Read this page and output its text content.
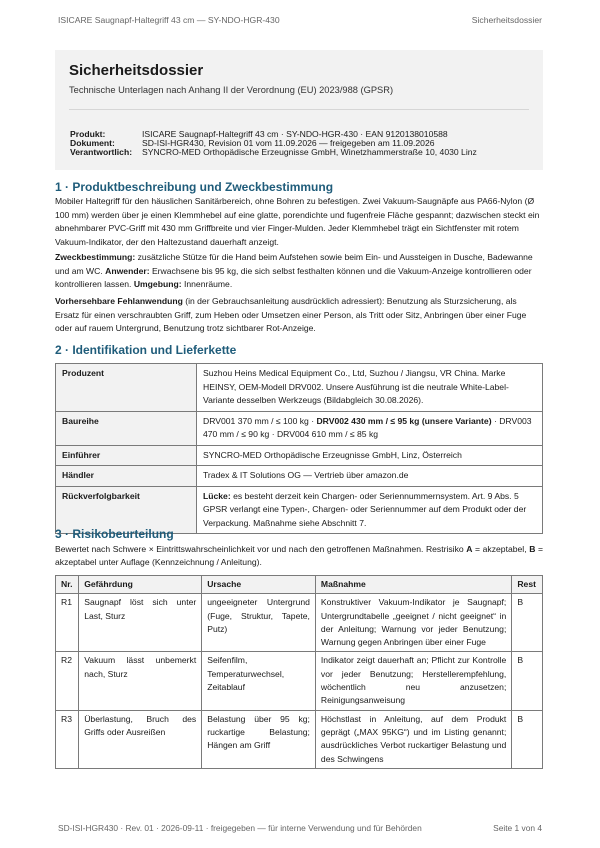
ISICARE Saugnapf-Haltegriff 43 cm — SY-NDO-HGR-430	Sicherheitsdossier
Sicherheitsdossier
Technische Unterlagen nach Anhang II der Verordnung (EU) 2023/988 (GPSR)
Produkt:	ISICARE Saugnapf-Haltegriff 43 cm · SY-NDO-HGR-430 · EAN 9120138010588
Dokument:	SD-ISI-HGR430, Revision 01 vom 11.09.2026 — freigegeben am 11.09.2026
Verantwortlich:	SYNCRO-MED Orthopädische Erzeugnisse GmbH, Winetzhammerstraße 10, 4030 Linz
1 · Produktbeschreibung und Zweckbestimmung
Mobiler Haltegriff für den häuslichen Sanitärbereich, ohne Bohren zu befestigen. Zwei Vakuum-Saugnäpfe aus PA66-Nylon (Ø 100 mm) werden über je einen Klemmhebel auf eine glatte, porendichte und fugenfreie Fläche gespannt; dazwischen steckt ein abnehmbarer PVC-Griff mit 430 mm Griffbreite und vier Finger-Mulden. Jeder Klemmhebel trägt ein Sichtfenster mit rotem Vakuum-Indikator, der den Haltezustand dauerhaft anzeigt.
Zweckbestimmung: zusätzliche Stütze für die Hand beim Aufstehen sowie beim Ein- und Aussteigen in Dusche, Badewanne und am WC. Anwender: Erwachsene bis 95 kg, die sich selbst festhalten können und die Vakuum-Anzeige kontrollieren oder kontrollieren lassen. Umgebung: Innenräume.
Vorhersehbare Fehlanwendung (in der Gebrauchsanleitung ausdrücklich adressiert): Benutzung als Sturzsicherung, als Ersatz für einen verschraubten Griff, zum Heben oder Umsetzen einer Person, als Tritt oder Sitz, Anbringen über einer Fuge oder auf rauem Untergrund, Benutzung trotz sichtbarer Rot-Anzeige.
2 · Identifikation und Lieferkette
Produzent	Suzhou Heins Medical Equipment Co., Ltd, Suzhou / Jiangsu, VR China. Marke HEINSY, OEM-Modell DRV002. Unsere Ausführung ist die neutrale White-Label-Variante desselben Werkzeugs (Bildabgleich 30.08.2026).
Baureihe	DRV001 370 mm / ≤ 100 kg · DRV002 430 mm / ≤ 95 kg (unsere Variante) · DRV003 470 mm / ≤ 90 kg · DRV004 610 mm / ≤ 85 kg
Einführer	SYNCRO-MED Orthopädische Erzeugnisse GmbH, Linz, Österreich
Händler	Tradex & IT Solutions OG — Vertrieb über amazon.de
Rückverfolgbarkeit	Lücke: es besteht derzeit kein Chargen- oder Seriennummernsystem. Art. 9 Abs. 5 GPSR verlangt eine Typen-, Chargen- oder Seriennummer auf dem Produkt oder der Verpackung. Maßnahme siehe Abschnitt 7.
3 · Risikobeurteilung
Bewertet nach Schwere × Eintrittswahrscheinlichkeit vor und nach den getroffenen Maßnahmen. Restrisiko A = akzeptabel, B = akzeptabel unter Auflage (Kennzeichnung / Anleitung).
Nr.	Gefährdung	Ursache	Maßnahme	Rest
R1	Saugnapf löst sich unter Last, Sturz	ungeeigneter Untergrund (Fuge, Struktur, Tapete, Putz)	Konstruktiver Vakuum-Indikator je Saugnapf; Untergrundtabelle „geeignet / nicht geeignet“ in der Anleitung; Warnung vor jeder Benutzung; Warnung gegen Anbringen über einer Fuge	B
R2	Vakuum lässt unbemerkt nach, Sturz	Seifenfilm, Temperaturwechsel, Zeitablauf	Indikator zeigt dauerhaft an; Pflicht zur Kontrolle vor jeder Benutzung; Herstellerempfehlung, wöchentlich neu anzusetzen; Reinigungsanweisung	B
R3	Überlastung, Bruch des Griffs oder Ausreißen	Belastung über 95 kg; ruckartige Belastung; Hängen am Griff	Höchstlast in Anleitung, auf dem Produkt geprägt („MAX 95KG“) und im Listing genannt; ausdrückliches Verbot ruckartiger Belastung und des Schwingens	B
SD-ISI-HGR430 · Rev. 01 · 2026-09-11 · freigegeben — für interne Verwendung und für Behörden	Seite 1 von 4
